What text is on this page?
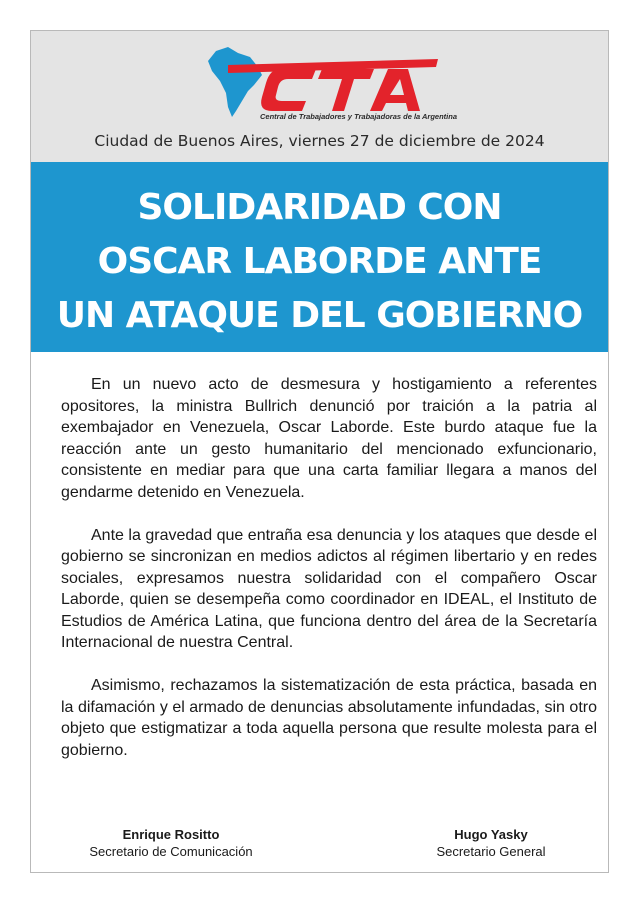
CTA
Central de Trabajadores y Trabajadoras de la Argentina
Ciudad de Buenos Aires, viernes 27 de diciembre de 2024
SOLIDARIDAD CON
OSCAR LABORDE ANTE
UN ATAQUE DEL GOBIERNO

En un nuevo acto de desmesura y hostigamiento a referentes opositores, la ministra Bullrich denunció por traición a la patria al exembajador en Venezuela, Oscar Laborde. Este burdo ataque fue la reacción ante un gesto humanitario del mencionado exfuncionario, consistente en mediar para que una carta familiar llegara a manos del gendarme detenido en Venezuela.

Ante la gravedad que entraña esa denuncia y los ataques que desde el gobierno se sincronizan en medios adictos al régimen libertario y en redes sociales, expresamos nuestra solidaridad con el compañero Oscar Laborde, quien se desempeña como coordinador en IDEAL, el Instituto de Estudios de América Latina, que funciona dentro del área de la Secretaría Internacional de nuestra Central.

Asimismo, rechazamos la sistematización de esta práctica, basada en la difamación y el armado de denuncias absolutamente infundadas, sin otro objeto que estigmatizar a toda aquella persona que resulte molesta para el gobierno.

Enrique Rositto
Secretario de Comunicación
Hugo Yasky
Secretario General
